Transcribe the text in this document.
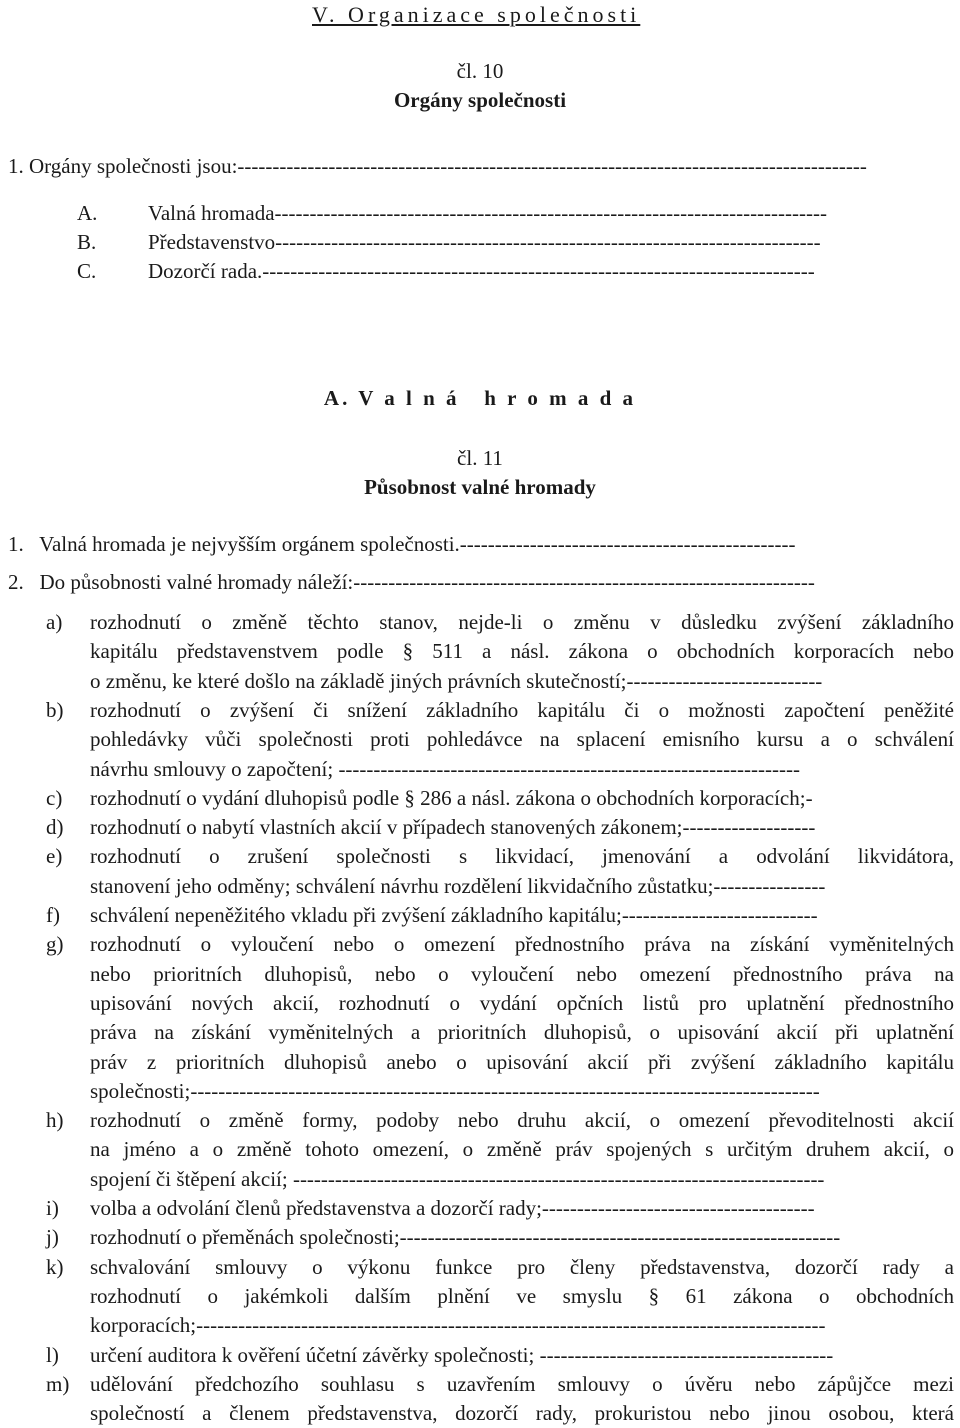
V. Organizace společnosti
čl. 10
Orgány společnosti
1. Orgány společnosti jsou:------------------------------------------------------------------------------------------
A. Valná hromada-------------------------------------------------------------------------------
B. Představenstvo------------------------------------------------------------------------------
C. Dozorčí rada.-------------------------------------------------------------------------------
A. V a l n á   h r o m a d a
čl. 11
Působnost valné hromady
1.   Valná hromada je nejvyšším orgánem společnosti.------------------------------------------------
2.   Do působnosti valné hromady náleží:------------------------------------------------------------------
a) rozhodnutí o změně těchto stanov, nejde-li o změnu v důsledku zvýšení základního
kapitálu představenstvem podle § 511 a násl. zákona o obchodních korporacích nebo
o změnu, ke které došlo na základě jiných právních skutečností;----------------------------
b) rozhodnutí o zvýšení či snížení základního kapitálu či o možnosti započtení peněžité
pohledávky vůči společnosti proti pohledávce na splacení emisního kursu a o schválení
návrhu smlouvy o započtení; ------------------------------------------------------------------
c) rozhodnutí o vydání dluhopisů podle § 286 a násl. zákona o obchodních korporacích;-
d) rozhodnutí o nabytí vlastních akcií v případech stanovených zákonem;-------------------
e) rozhodnutí o zrušení společnosti s likvidací, jmenování a odvolání likvidátora,
stanovení jeho odměny; schválení návrhu rozdělení likvidačního zůstatku;----------------
f) schválení nepeněžitého vkladu při zvýšení základního kapitálu;----------------------------
g) rozhodnutí o vyloučení nebo o omezení přednostního práva na získání vyměnitelných
nebo prioritních dluhopisů, nebo o vyloučení nebo omezení přednostního práva na
upisování nových akcií, rozhodnutí o vydání opčních listů pro uplatnění přednostního
práva na získání vyměnitelných a prioritních dluhopisů, o upisování akcií při uplatnění
práv z prioritních dluhopisů anebo o upisování akcií při zvýšení základního kapitálu
společnosti;------------------------------------------------------------------------------------------
h) rozhodnutí o změně formy, podoby nebo druhu akcií, o omezení převoditelnosti akcií
na jméno a o změně tohoto omezení, o změně práv spojených s určitým druhem akcií, o
spojení či štěpení akcií; ----------------------------------------------------------------------------
i) volba a odvolání členů představenstva a dozorčí rady;---------------------------------------
j) rozhodnutí o přeměnách společnosti;---------------------------------------------------------------
k) schvalování smlouvy o výkonu funkce pro členy představenstva, dozorčí rady a
rozhodnutí o jakémkoli dalším plnění ve smyslu § 61 zákona o obchodních
korporacích;------------------------------------------------------------------------------------------
l) určení auditora k ověření účetní závěrky společnosti; ------------------------------------------
m) udělování předchozího souhlasu s uzavřením smlouvy o úvěru nebo zápůjčce mezi
společností a členem představenstva, dozorčí rady, prokuristou nebo jinou osobou, která
